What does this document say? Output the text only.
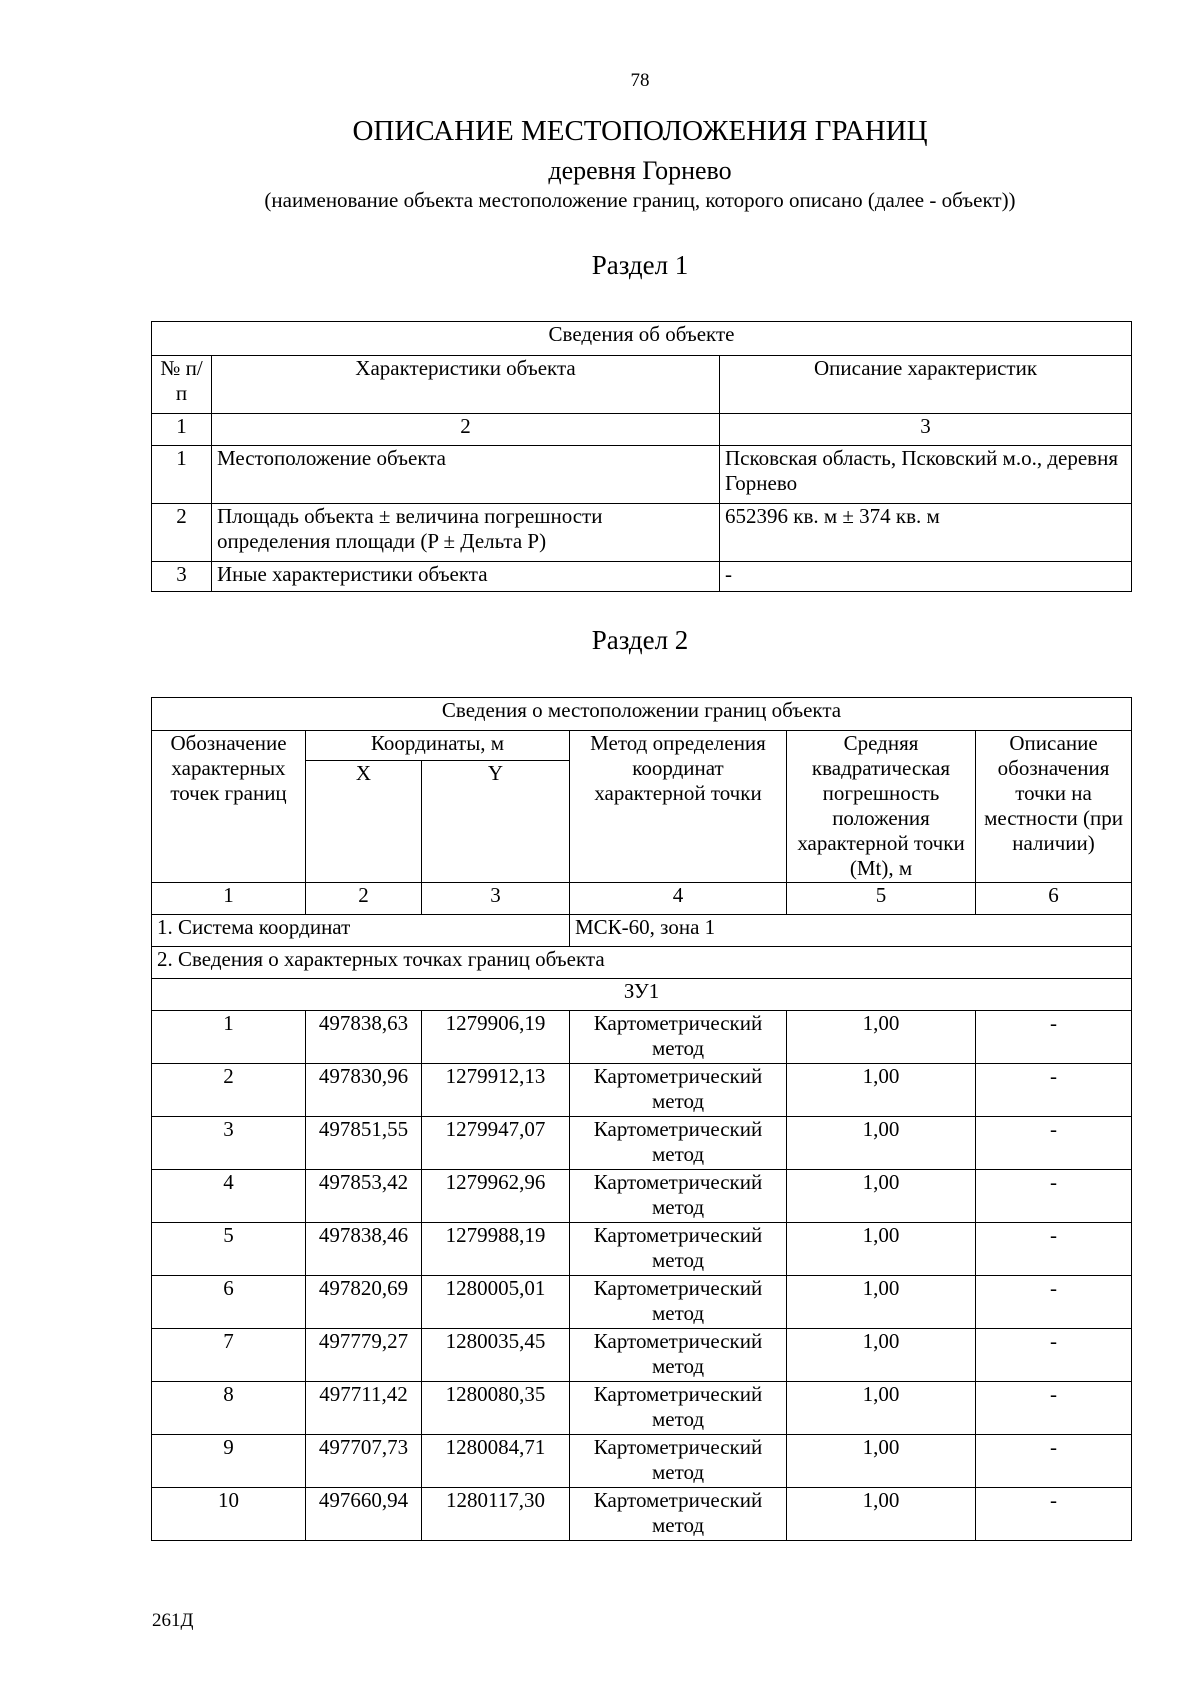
78
ОПИСАНИЕ МЕСТОПОЛОЖЕНИЯ ГРАНИЦ
деревня Горнево
(наименование объекта местоположение границ, которого описано (далее - объект))
Раздел 1
Сведения об объекте		
№ п/п	Характеристики объекта	Описание характеристик
1	2	3
1	Местоположение объекта	Псковская область, Псковский м.о., деревня Горнево
2	Площадь объекта ± величина погрешности определения площади (P ± Дельта P)	652396 кв. м ± 374 кв. м
3	Иные характеристики объекта	-
Раздел 2
Сведения о местоположении границ объекта					
Обозначение характерных точек границ	Координаты, м		Метод определения координат характерной точки	Средняя квадратическая погрешность положения характерной точки (Mt), м	Описание обозначения точки на местности (при наличии)
	X	Y			
1	2	3	4	5	6
1. Система координат			МСК-60, зона 1		
2. Сведения о характерных точках границ объекта					
ЗУ1					
1	497838,63	1279906,19	Картометрический метод	1,00	-
2	497830,96	1279912,13	Картометрический метод	1,00	-
3	497851,55	1279947,07	Картометрический метод	1,00	-
4	497853,42	1279962,96	Картометрический метод	1,00	-
5	497838,46	1279988,19	Картометрический метод	1,00	-
6	497820,69	1280005,01	Картометрический метод	1,00	-
7	497779,27	1280035,45	Картометрический метод	1,00	-
8	497711,42	1280080,35	Картометрический метод	1,00	-
9	497707,73	1280084,71	Картометрический метод	1,00	-
10	497660,94	1280117,30	Картометрический метод	1,00	-
261Д
